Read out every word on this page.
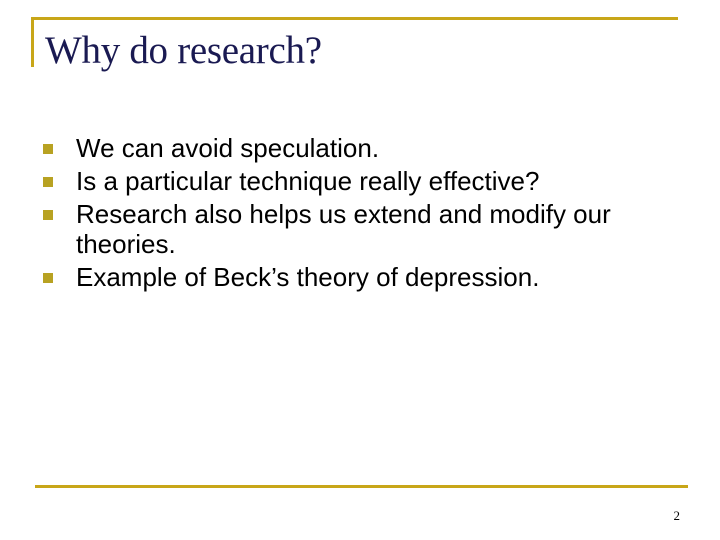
Why do research?
We can avoid speculation.
Is a particular technique really effective?
Research also helps us extend and modify our theories.
Example of Beck’s theory of depression.
2
